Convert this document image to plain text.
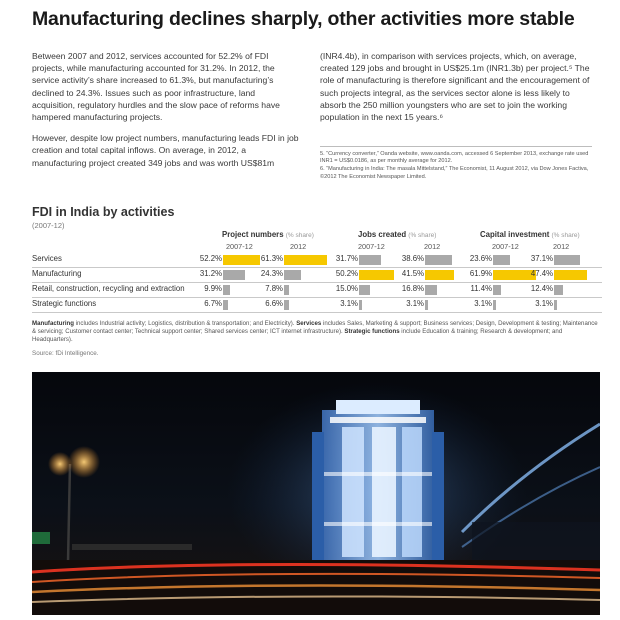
Manufacturing declines sharply, other activities more stable

Between 2007 and 2012, services accounted for 52.2% of FDI projects, while manufacturing accounted for 31.2%. In 2012, the service activity’s share increased to 61.3%, but manufacturing’s declined to 24.3%. Issues such as poor infrastructure, land acquisition, regulatory hurdles and the slow pace of reforms have hampered manufacturing projects.

However, despite low project numbers, manufacturing leads FDI in job creation and total capital inflows. On average, in 2012, a manufacturing project created 349 jobs and was worth US$81m

(INR4.4b), in comparison with services projects, which, on average, created 129 jobs and brought in US$25.1m (INR1.3b) per project.⁵ The role of manufacturing is therefore significant and the encouragement of such projects integral, as the services sector alone is less likely to absorb the 250 million youngsters who are set to join the working population in the next 15 years.⁶

5. “Currency converter,” Oanda website, www.oanda.com, accessed 6 September 2013, exchange rate used INR1 = US$0.0186, as per monthly average for 2012.
6. “Manufacturing in India: The masala Mittelstand,” The Economist, 11 August 2012, via Dow Jones Factiva, ©2012 The Economist Newspaper Limited.
FDI in India by activities
(2007-12)
Project numbers (% share)	Jobs created (% share)	Capital investment (% share)
2007-12	2012	2007-12	2012	2007-12	2012
Services	52.2%	61.3%	31.7%	38.6%	23.6%	37.1%
Manufacturing	31.2%	24.3%	50.2%	41.5%	61.9%	47.4%
Retail, construction, recycling and extraction	9.9%	7.8%	15.0%	16.8%	11.4%	12.4%
Strategic functions	6.7%	6.6%	3.1%	3.1%	3.1%	3.1%
Manufacturing includes Industrial activity; Logistics, distribution & transportation; and Electricity). Services includes Sales, Marketing & support; Business services; Design, Development & testing; Maintenance & servicing; Customer contact center; Technical support center; Shared services center; ICT internet infrastructure). Strategic functions include Education & training; Research & development; and Headquarters).
Source: fDi Intelligence.
